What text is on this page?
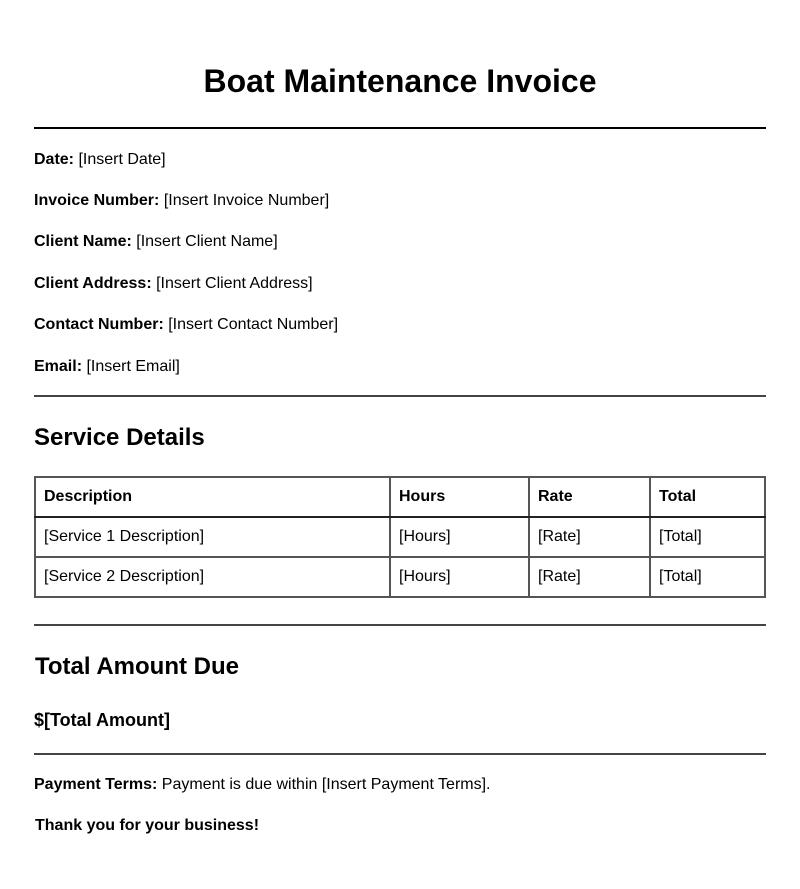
Boat Maintenance Invoice
Date: [Insert Date]
Invoice Number: [Insert Invoice Number]
Client Name: [Insert Client Name]
Client Address: [Insert Client Address]
Contact Number: [Insert Contact Number]
Email: [Insert Email]
Service Details
Description	Hours	Rate	Total
[Service 1 Description]	[Hours]	[Rate]	[Total]
[Service 2 Description]	[Hours]	[Rate]	[Total]
Total Amount Due
$[Total Amount]
Payment Terms: Payment is due within [Insert Payment Terms].
Thank you for your business!
